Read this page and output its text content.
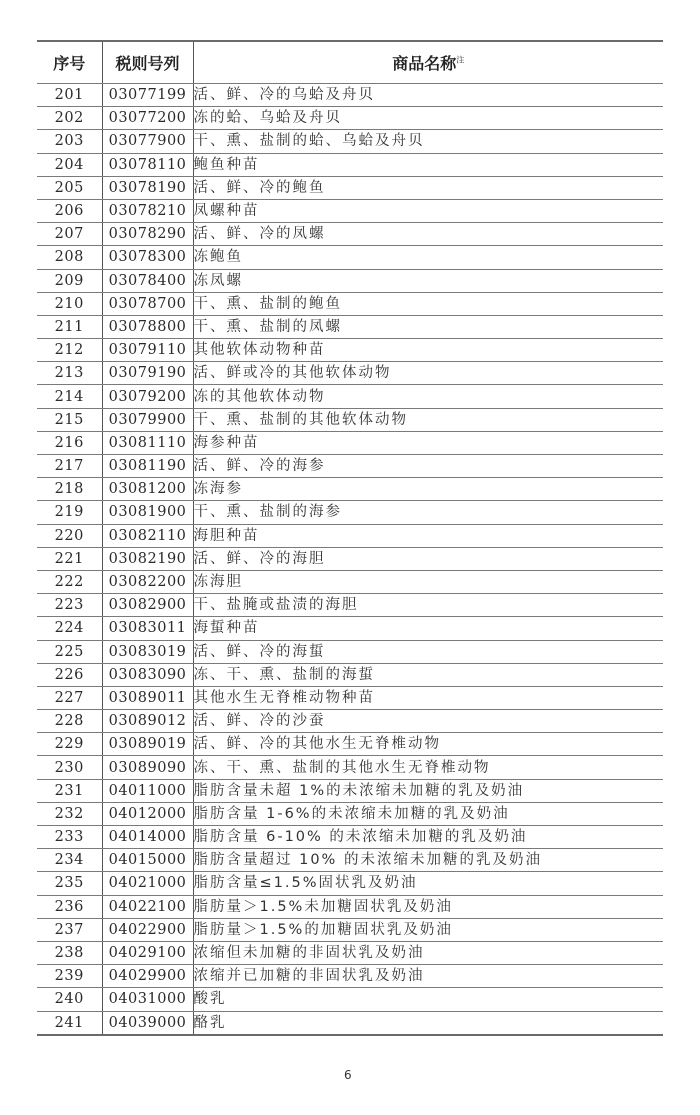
序号	税则号列	商品名称$^注$
201	03077199	活、鲜、冷的乌蛤及舟贝
202	03077200	冻的蛤、乌蛤及舟贝
203	03077900	干、熏、盐制的蛤、乌蛤及舟贝
204	03078110	鲍鱼种苗
205	03078190	活、鲜、冷的鲍鱼
206	03078210	凤螺种苗
207	03078290	活、鲜、冷的凤螺
208	03078300	冻鲍鱼
209	03078400	冻凤螺
210	03078700	干、熏、盐制的鲍鱼
211	03078800	干、熏、盐制的凤螺
212	03079110	其他软体动物种苗
213	03079190	活、鲜或冷的其他软体动物
214	03079200	冻的其他软体动物
215	03079900	干、熏、盐制的其他软体动物
216	03081110	海参种苗
217	03081190	活、鲜、冷的海参
218	03081200	冻海参
219	03081900	干、熏、盐制的海参
220	03082110	海胆种苗
221	03082190	活、鲜、冷的海胆
222	03082200	冻海胆
223	03082900	干、盐腌或盐渍的海胆
224	03083011	海蜇种苗
225	03083019	活、鲜、冷的海蜇
226	03083090	冻、干、熏、盐制的海蜇
227	03089011	其他水生无脊椎动物种苗
228	03089012	活、鲜、冷的沙蚕
229	03089019	活、鲜、冷的其他水生无脊椎动物
230	03089090	冻、干、熏、盐制的其他水生无脊椎动物
231	04011000	脂肪含量未超 1%的未浓缩未加糖的乳及奶油
232	04012000	脂肪含量 1-6%的未浓缩未加糖的乳及奶油
233	04014000	脂肪含量 6-10% 的未浓缩未加糖的乳及奶油
234	04015000	脂肪含量超过 10% 的未浓缩未加糖的乳及奶油
235	04021000	脂肪含量≤1.5%固状乳及奶油
236	04022100	脂肪量＞1.5%未加糖固状乳及奶油
237	04022900	脂肪量＞1.5%的加糖固状乳及奶油
238	04029100	浓缩但未加糖的非固状乳及奶油
239	04029900	浓缩并已加糖的非固状乳及奶油
240	04031000	酸乳
241	04039000	酪乳
6
